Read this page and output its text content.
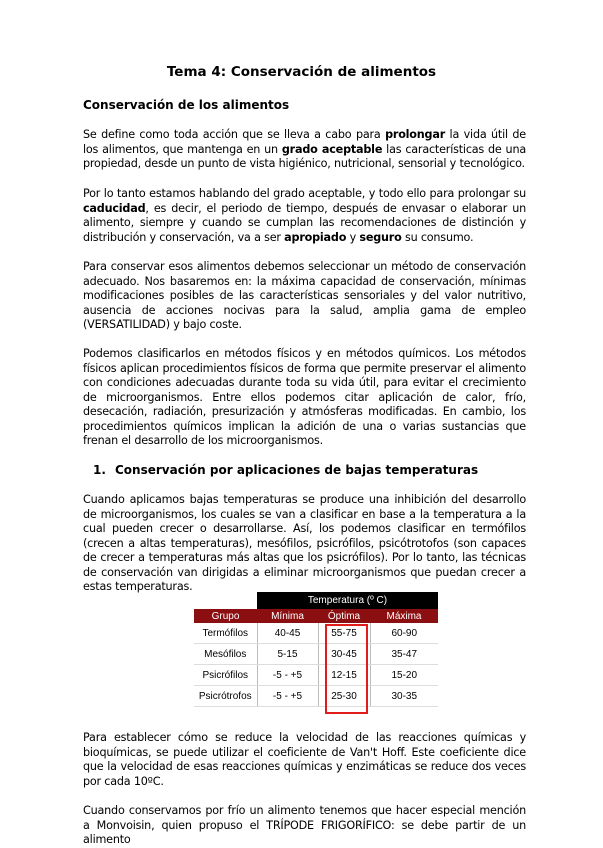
Tema 4: Conservación de alimentos
Conservación de los alimentos
Se define como toda acción que se lleva a cabo para prolongar la vida útil de los alimentos, que mantenga en un grado aceptable las características de una propiedad, desde un punto de vista higiénico, nutricional, sensorial y tecnológico.
Por lo tanto estamos hablando del grado aceptable, y todo ello para prolongar su caducidad, es decir, el periodo de tiempo, después de envasar o elaborar un alimento, siempre y cuando se cumplan las recomendaciones de distinción y distribución y conservación, va a ser apropiado y seguro su consumo.
Para conservar esos alimentos debemos seleccionar un método de conservación adecuado. Nos basaremos en: la máxima capacidad de conservación, mínimas modificaciones posibles de las características sensoriales y del valor nutritivo, ausencia de acciones nocivas para la salud, amplia gama de empleo (VERSATILIDAD) y bajo coste.
Podemos clasificarlos en métodos físicos y en métodos químicos. Los métodos físicos aplican procedimientos físicos de forma que permite preservar el alimento con condiciones adecuadas durante toda su vida útil, para evitar el crecimiento de microorganismos. Entre ellos podemos citar aplicación de calor, frío, desecación, radiación, presurización y atmósferas modificadas. En cambio, los procedimientos químicos implican la adición de una o varias sustancias que frenan el desarrollo de los microorganismos.
1. Conservación por aplicaciones de bajas temperaturas
Cuando aplicamos bajas temperaturas se produce una inhibición del desarrollo de microorganismos, los cuales se van a clasificar en base a la temperatura a la cual pueden crecer o desarrollarse. Así, los podemos clasificar en termófilos (crecen a altas temperaturas), mesófilos, psicrófilos, psicótrotofos (son capaces de crecer a temperaturas más altas que los psicrófilos). Por lo tanto, las técnicas de conservación van dirigidas a eliminar microorganismos que puedan crecer a estas temperaturas.
	Temperatura (º C)		
Grupo	Mínima	Óptima	Máxima
Termófilos	40-45	55-75	60-90
Mesófilos	5-15	30-45	35-47
Psicrófilos	-5 - +5	12-15	15-20
Psicrótrofos	-5 - +5	25-30	30-35
Para establecer cómo se reduce la velocidad de las reacciones químicas y bioquímicas, se puede utilizar el coeficiente de Van't Hoff. Este coeficiente dice que la velocidad de esas reacciones químicas y enzimáticas se reduce dos veces por cada 10ºC.
Cuando conservamos por frío un alimento tenemos que hacer especial mención a Monvoisin, quien propuso el TRÍPODE FRIGORÍFICO: se debe partir de un alimento
